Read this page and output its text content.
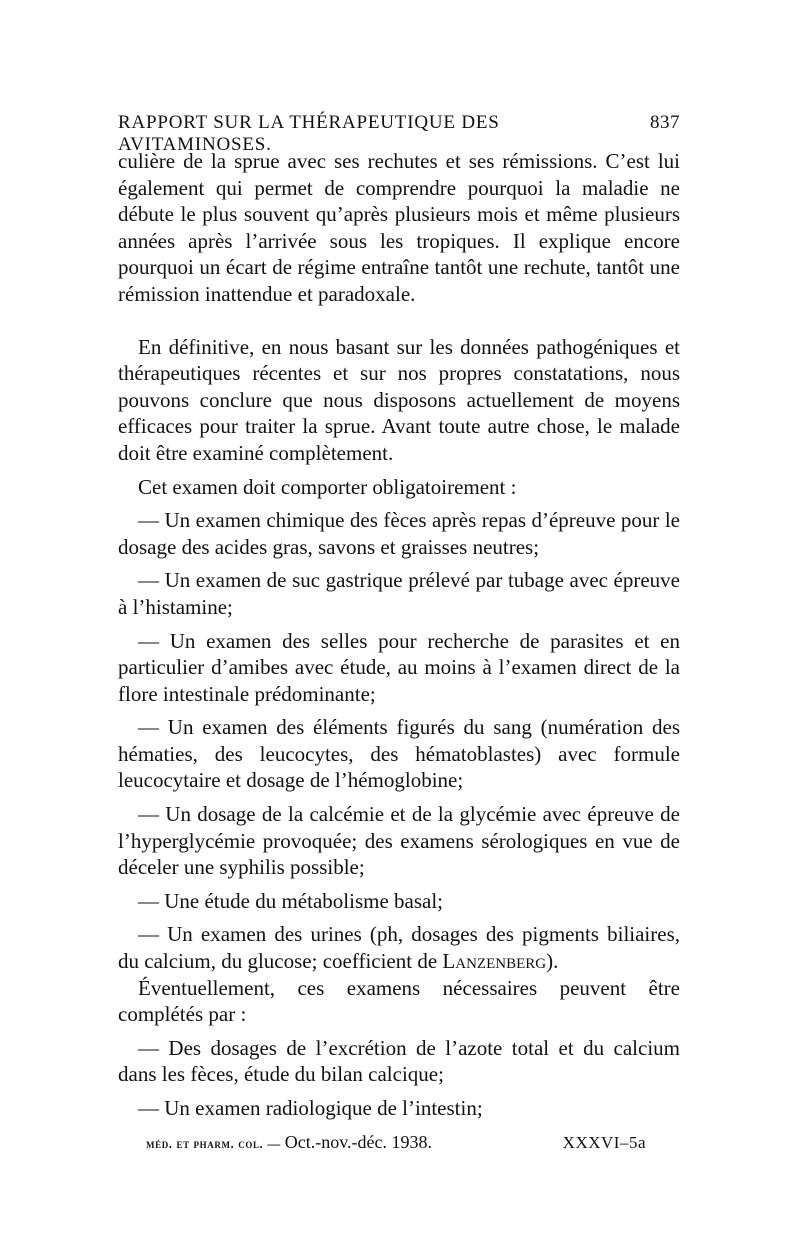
RAPPORT SUR LA THÉRAPEUTIQUE DES AVITAMINOSES.
837

culière de la sprue avec ses rechutes et ses rémissions. C’est lui également qui permet de comprendre pourquoi la maladie ne débute le plus souvent qu’après plusieurs mois et même plusieurs années après l’arrivée sous les tropiques. Il explique encore pourquoi un écart de régime entraîne tantôt une rechute, tantôt une rémission inattendue et paradoxale.

En définitive, en nous basant sur les données pathogéniques et thérapeutiques récentes et sur nos propres constatations, nous pouvons conclure que nous disposons actuellement de moyens efficaces pour traiter la sprue. Avant toute autre chose, le malade doit être examiné complètement.

Cet examen doit comporter obligatoirement :

— Un examen chimique des fèces après repas d’épreuve pour le dosage des acides gras, savons et graisses neutres;

— Un examen de suc gastrique prélevé par tubage avec épreuve à l’histamine;

— Un examen des selles pour recherche de parasites et en particulier d’amibes avec étude, au moins à l’examen direct de la flore intestinale prédominante;

— Un examen des éléments figurés du sang (numération des hématies, des leucocytes, des hématoblastes) avec formule leucocytaire et dosage de l’hémoglobine;

— Un dosage de la calcémie et de la glycémie avec épreuve de l’hyperglycémie provoquée; des examens sérologiques en vue de déceler une syphilis possible;

— Une étude du métabolisme basal;

— Un examen des urines (ph, dosages des pigments biliaires, du calcium, du glucose; coefficient de Lanzenberg).

Éventuellement, ces examens nécessaires peuvent être complétés par :

— Des dosages de l’excrétion de l’azote total et du calcium dans les fèces, étude du bilan calcique;

— Un examen radiologique de l’intestin;

méd. et pharm. col. — Oct.-nov.-déc. 1938.	XXXVI–5a
